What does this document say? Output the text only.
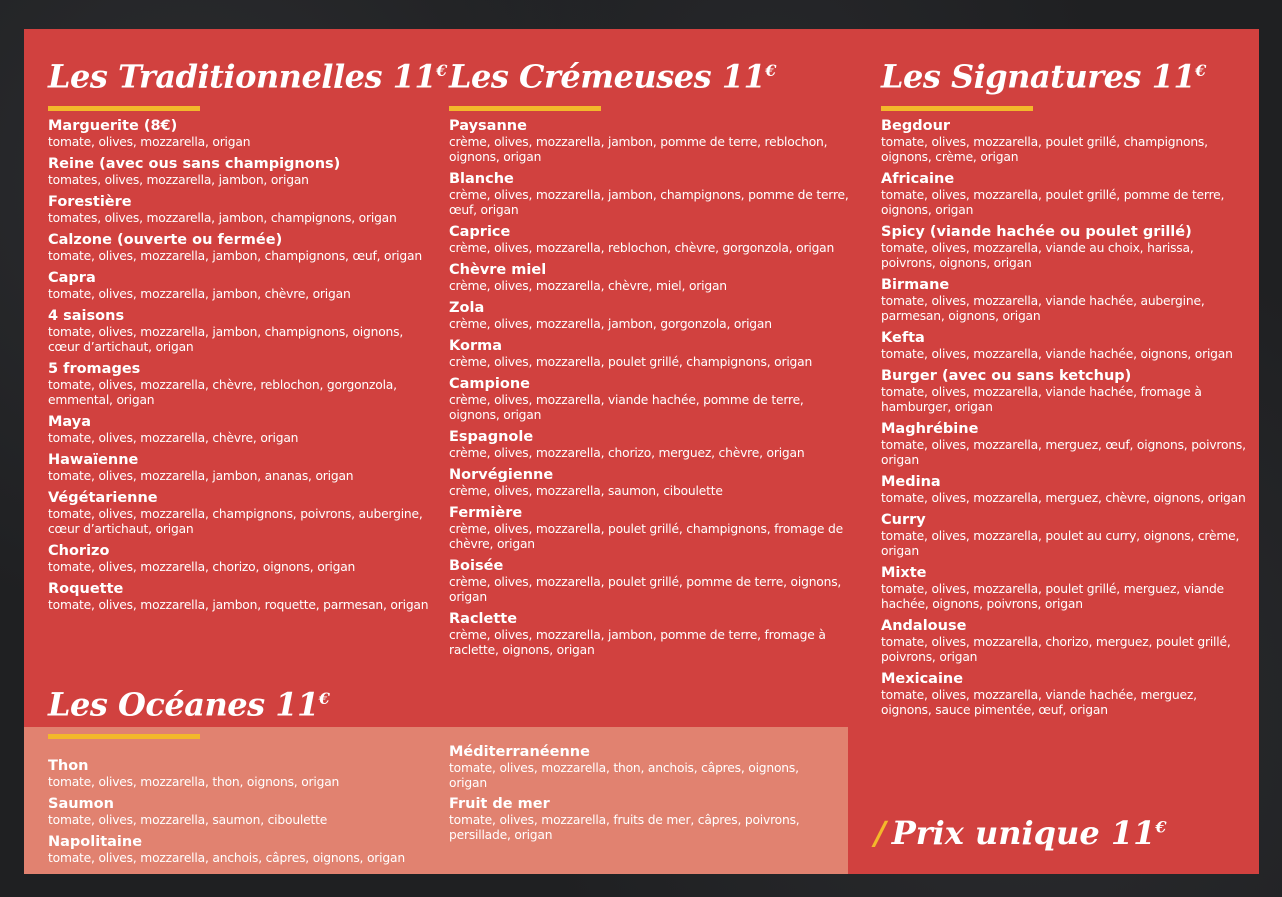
Les Traditionnelles 11€
Marguerite (8€)
tomate, olives, mozzarella, origan
Reine (avec ous sans champignons)
tomates, olives, mozzarella, jambon, origan
Forestière
tomates, olives, mozzarella, jambon, champignons, origan
Calzone (ouverte ou fermée)
tomate, olives, mozzarella, jambon, champignons, œuf, origan
Capra
tomate, olives, mozzarella, jambon, chèvre, origan
4 saisons
tomate, olives, mozzarella, jambon, champignons, oignons, cœur d’artichaut, origan
5 fromages
tomate, olives, mozzarella, chèvre, reblochon, gorgonzola, emmental, origan
Maya
tomate, olives, mozzarella, chèvre, origan
Hawaïenne
tomate, olives, mozzarella, jambon, ananas, origan
Végétarienne
tomate, olives, mozzarella, champignons, poivrons, aubergine, cœur d’artichaut, origan
Chorizo
tomate, olives, mozzarella, chorizo, oignons, origan
Roquette
tomate, olives, mozzarella, jambon, roquette, parmesan, origan
Les Crémeuses 11€
Paysanne
crème, olives, mozzarella, jambon, pomme de terre, reblochon, oignons, origan
Blanche
crème, olives, mozzarella, jambon, champignons, pomme de terre, œuf, origan
Caprice
crème, olives, mozzarella, reblochon, chèvre, gorgonzola, origan
Chèvre miel
crème, olives, mozzarella, chèvre, miel, origan
Zola
crème, olives, mozzarella, jambon, gorgonzola, origan
Korma
crème, olives, mozzarella, poulet grillé, champignons, origan
Campione
crème, olives, mozzarella, viande hachée, pomme de terre, oignons, origan
Espagnole
crème, olives, mozzarella, chorizo, merguez, chèvre, origan
Norvégienne
crème, olives, mozzarella, saumon, ciboulette
Fermière
crème, olives, mozzarella, poulet grillé, champignons, fromage de chèvre, origan
Boisée
crème, olives, mozzarella, poulet grillé, pomme de terre, oignons, origan
Raclette
crème, olives, mozzarella, jambon, pomme de terre, fromage à raclette, oignons, origan
Les Signatures 11€
Begdour
tomate, olives, mozzarella, poulet grillé, champignons, oignons, crème, origan
Africaine
tomate, olives, mozzarella, poulet grillé, pomme de terre, oignons, origan
Spicy (viande hachée ou poulet grillé)
tomate, olives, mozzarella, viande au choix, harissa, poivrons, oignons, origan
Birmane
tomate, olives, mozzarella, viande hachée, aubergine, parmesan, oignons, origan
Kefta
tomate, olives, mozzarella, viande hachée, oignons, origan
Burger (avec ou sans ketchup)
tomate, olives, mozzarella, viande hachée, fromage à hamburger, origan
Maghrébine
tomate, olives, mozzarella, merguez, œuf, oignons, poivrons, origan
Medina
tomate, olives, mozzarella, merguez, chèvre, oignons, origan
Curry
tomate, olives, mozzarella, poulet au curry, oignons, crème, origan
Mixte
tomate, olives, mozzarella, poulet grillé, merguez, viande hachée, oignons, poivrons, origan
Andalouse
tomate, olives, mozzarella, chorizo, merguez, poulet grillé, poivrons, origan
Mexicaine
tomate, olives, mozzarella, viande hachée, merguez, oignons, sauce pimentée, œuf, origan
Les Océanes 11€
Thon
tomate, olives, mozzarella, thon, oignons, origan
Saumon
tomate, olives, mozzarella, saumon, ciboulette
Napolitaine
tomate, olives, mozzarella, anchois, câpres, oignons, origan
Méditerranéenne
tomate, olives, mozzarella, thon, anchois, câpres, oignons, origan
Fruit de mer
tomate, olives, mozzarella, fruits de mer, câpres, poivrons, persillade, origan	/ Prix unique 11€
